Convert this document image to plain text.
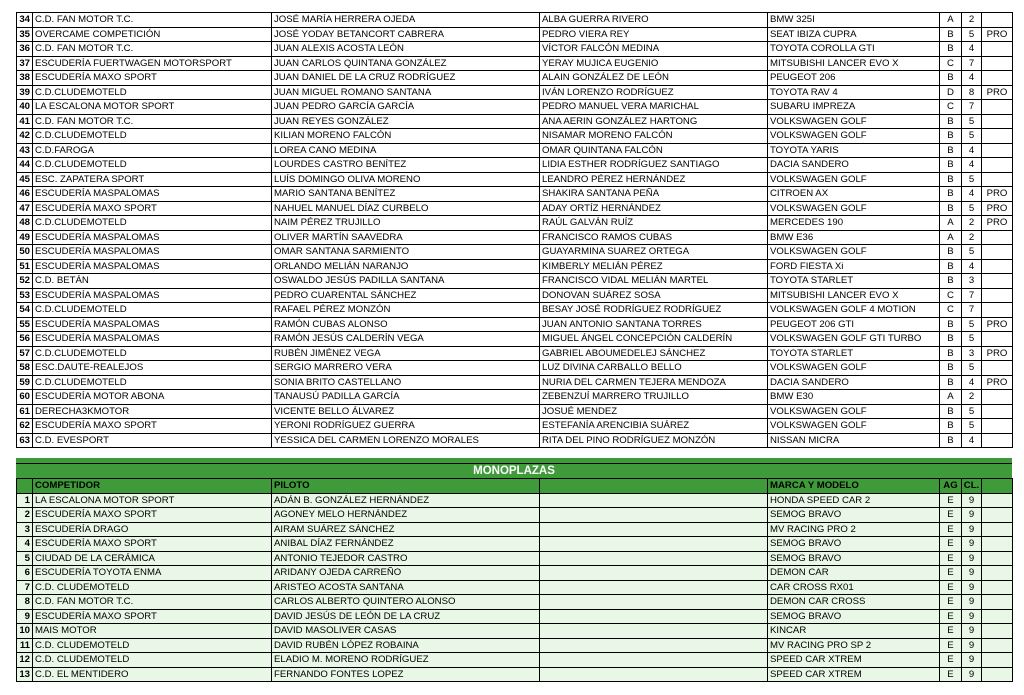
34	C.D. FAN MOTOR T.C.	JOSÉ MARÍA HERRERA OJEDA	ALBA GUERRA RIVERO	BMW 325I	A	2	
35	OVERCAME COMPETICIÓN	JOSÉ YODAY BETANCORT CABRERA	PEDRO VIERA REY	SEAT IBIZA CUPRA	B	5	PRO
36	C.D. FAN MOTOR T.C.	JUAN ALEXIS ACOSTA LEÓN	VÍCTOR FALCÓN MEDINA	TOYOTA COROLLA GTI	B	4	
37	ESCUDERÍA FUERTWAGEN MOTORSPORT	JUAN CARLOS QUINTANA GONZÁLEZ	YERAY MUJICA EUGENIO	MITSUBISHI LANCER EVO X	C	7	
38	ESCUDERÍA MAXO SPORT	JUAN DANIEL DE LA CRUZ RODRÍGUEZ	ALAIN GONZÁLEZ DE LEÓN	PEUGEOT 206	B	4	
39	C.D.CLUDEMOTELD	JUAN MIGUEL ROMANO SANTANA	IVÁN LORENZO RODRÍGUEZ	TOYOTA RAV 4	D	8	PRO
40	LA ESCALONA MOTOR SPORT	JUAN PEDRO GARCÍA GARCÍA	PEDRO MANUEL VERA MARICHAL	SUBARU IMPREZA	C	7	
41	C.D. FAN MOTOR T.C.	JUAN REYES GONZÁLEZ	ANA AERIN GONZÁLEZ HARTONG	VOLKSWAGEN GOLF	B	5	
42	C.D.CLUDEMOTELD	KILIAN MORENO FALCÓN	NISAMAR MORENO FALCÓN	VOLKSWAGEN GOLF	B	5	
43	C.D.FAROGA	LOREA CANO MEDINA	OMAR QUINTANA FALCÓN	TOYOTA YARIS	B	4	
44	C.D.CLUDEMOTELD	LOURDES CASTRO BENÍTEZ	LIDIA ESTHER RODRÍGUEZ SANTIAGO	DACIA SANDERO	B	4	
45	ESC. ZAPATERA SPORT	LUÍS DOMINGO OLIVA MORENO	LEANDRO PÉREZ HERNÁNDEZ	VOLKSWAGEN GOLF	B	5	
46	ESCUDERÍA MASPALOMAS	MARIO SANTANA BENÍTEZ	SHAKIRA SANTANA PEÑA	CITROEN AX	B	4	PRO
47	ESCUDERÍA MAXO SPORT	NAHUEL MANUEL DÍAZ CURBELO	ADAY ORTÍZ HERNÁNDEZ	VOLKSWAGEN GOLF	B	5	PRO
48	C.D.CLUDEMOTELD	NAIM PÉREZ TRUJILLO	RAÚL GALVÁN RUÍZ	MERCEDES 190	A	2	PRO
49	ESCUDERÍA MASPALOMAS	OLIVER MARTÍN SAAVEDRA	FRANCISCO RAMOS CUBAS	BMW E36	A	2	
50	ESCUDERÍA MASPALOMAS	OMAR SANTANA SARMIENTO	GUAYARMINA SUAREZ ORTEGA	VOLKSWAGEN GOLF	B	5	
51	ESCUDERÍA MASPALOMAS	ORLANDO MELIÁN NARANJO	KIMBERLY MELIÁN PÉREZ	FORD FIESTA Xi	B	4	
52	C.D. BETÁN	OSWALDO JESÚS PADILLA SANTANA	FRANCISCO VIDAL MELIÁN MARTEL	TOYOTA STARLET	B	3	
53	ESCUDERÍA MASPALOMAS	PEDRO CUARENTAL SÁNCHEZ	DONOVAN SUÁREZ SOSA	MITSUBISHI LANCER EVO X	C	7	
54	C.D.CLUDEMOTELD	RAFAEL PÉREZ MONZÓN	BESAY JOSÉ RODRÍGUEZ RODRÍGUEZ	VOLKSWAGEN GOLF 4 MOTION	C	7	
55	ESCUDERÍA MASPALOMAS	RAMÓN CUBAS ALONSO	JUAN ANTONIO SANTANA TORRES	PEUGEOT 206 GTI	B	5	PRO
56	ESCUDERÍA MASPALOMAS	RAMÓN JESÚS CALDERÍN VEGA	MIGUEL ÁNGEL CONCEPCIÓN CALDERÍN	VOLKSWAGEN GOLF GTI TURBO	B	5	
57	C.D.CLUDEMOTELD	RUBÉN JIMÉNEZ VEGA	GABRIEL ABOUMEDELEJ SÁNCHEZ	TOYOTA STARLET	B	3	PRO
58	ESC.DAUTE-REALEJOS	SERGIO MARRERO VERA	LUZ DIVINA CARBALLO BELLO	VOLKSWAGEN GOLF	B	5	
59	C.D.CLUDEMOTELD	SONIA BRITO CASTELLANO	NURIA DEL CARMEN TEJERA MENDOZA	DACIA SANDERO	B	4	PRO
60	ESCUDERÍA MOTOR ABONA	TANAUSÚ PADILLA GARCÍA	ZEBENZUÍ MARRERO TRUJILLO	BMW E30	A	2	
61	DERECHA3KMOTOR	VICENTE BELLO ÁLVAREZ	JOSUÉ MENDEZ	VOLKSWAGEN GOLF	B	5	
62	ESCUDERÍA MAXO SPORT	YERONI RODRÍGUEZ GUERRA	ESTEFANÍA ARENCIBIA SUÁREZ	VOLKSWAGEN GOLF	B	5	
63	C.D. EVESPORT	YESSICA DEL CARMEN LORENZO MORALES	RITA DEL PINO RODRÍGUEZ MONZÓN	NISSAN MICRA	B	4	
MONOPLAZAS
	COMPETIDOR	PILOTO		MARCA Y MODELO	AG	CL.	
1	LA ESCALONA MOTOR SPORT	ADÁN B. GONZÁLEZ HERNÁNDEZ		HONDA SPEED CAR 2	E	9	
2	ESCUDERÍA MAXO SPORT	AGONEY MELO HERNÁNDEZ		SEMOG BRAVO	E	9	
3	ESCUDERÍA DRAGO	AIRAM SUÁREZ SÁNCHEZ		MV RACING PRO 2	E	9	
4	ESCUDERÍA MAXO SPORT	ANIBAL DÍAZ FERNÁNDEZ		SEMOG BRAVO	E	9	
5	CIUDAD DE LA CERÁMICA	ANTONIO TEJEDOR CASTRO		SEMOG BRAVO	E	9	
6	ESCUDERÍA TOYOTA ENMA	ARIDANY OJEDA CARREÑO		DEMON CAR	E	9	
7	C.D. CLUDEMOTELD	ARISTEO ACOSTA SANTANA		CAR CROSS RX01	E	9	
8	C.D. FAN MOTOR T.C.	CARLOS ALBERTO QUINTERO ALONSO		DEMON CAR CROSS	E	9	
9	ESCUDERÍA MAXO SPORT	DAVID JESÚS DE LEÓN DE LA CRUZ		SEMOG BRAVO	E	9	
10	MAIS MOTOR	DAVID MASOLIVER CASAS		KINCAR	E	9	
11	C.D. CLUDEMOTELD	DAVID RUBÉN LÓPEZ ROBAINA		MV RACING PRO SP 2	E	9	
12	C.D. CLUDEMOTELD	ELADIO M. MORENO RODRÍGUEZ		SPEED CAR XTREM	E	9	
13	C.D. EL MENTIDERO	FERNANDO FONTES LOPEZ		SPEED CAR XTREM	E	9	
